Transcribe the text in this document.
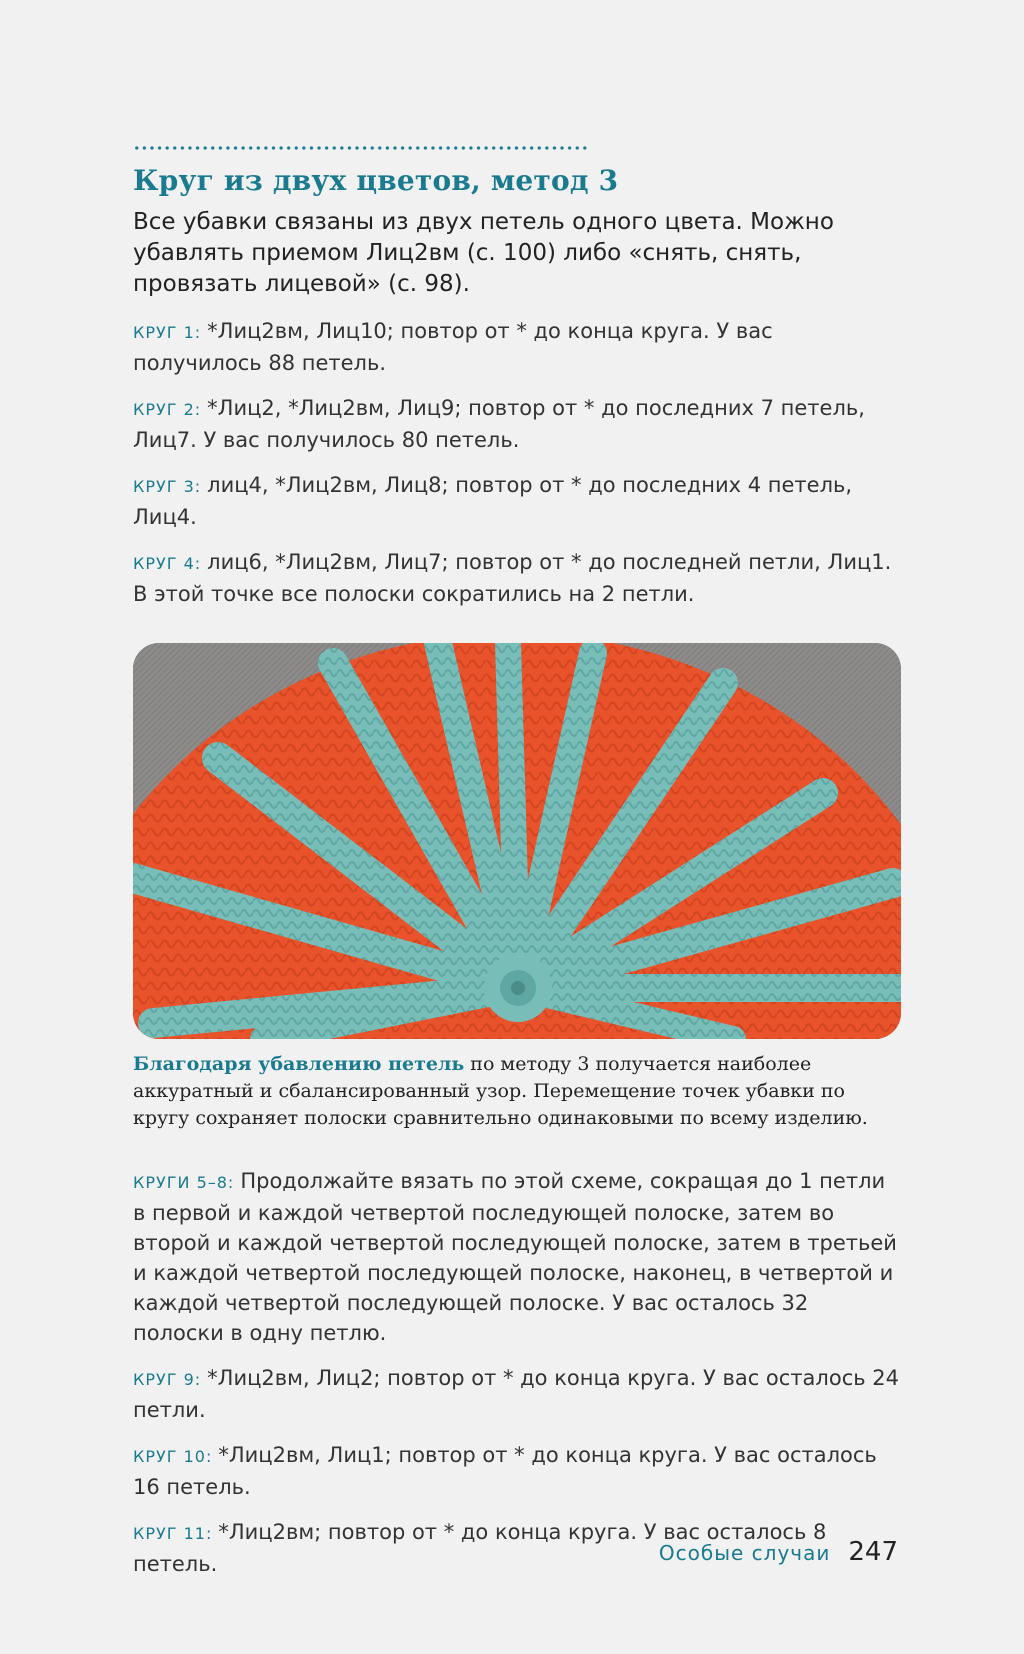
Круг из двух цветов, метод 3

Все убавки связаны из двух петель одного цвета. Можно убавлять приемом Лиц2вм (с. 100) либо «снять, снять, провязать лицевой» (с. 98).

КРУГ 1: *Лиц2вм, Лиц10; повтор от * до конца круга. У вас получилось 88 петель.

КРУГ 2: *Лиц2, *Лиц2вм, Лиц9; повтор от * до последних 7 петель, Лиц7. У вас получилось 80 петель.

КРУГ 3: лиц4, *Лиц2вм, Лиц8; повтор от * до последних 4 петель, Лиц4.

КРУГ 4: лиц6, *Лиц2вм, Лиц7; повтор от * до последней петли, Лиц1. В этой точке все полоски сократились на 2 петли.

Благодаря убавлению петель по методу 3 получается наиболее аккуратный и сбалансированный узор. Перемещение точек убавки по кругу сохраняет полоски сравнительно одинаковыми по всему изделию.

КРУГИ 5–8: Продолжайте вязать по этой схеме, сокращая до 1 петли в первой и каждой четвертой последующей полоске, затем во второй и каждой четвертой последующей полоске, затем в третьей и каждой четвертой последующей полоске, наконец, в четвертой и каждой четвертой последующей полоске. У вас осталось 32 полоски в одну петлю.

КРУГ 9: *Лиц2вм, Лиц2; повтор от * до конца круга. У вас осталось 24 петли.

КРУГ 10: *Лиц2вм, Лиц1; повтор от * до конца круга. У вас осталось 16 петель.

КРУГ 11: *Лиц2вм; повтор от * до конца круга. У вас осталось 8 петель.	Особые случаи 247
